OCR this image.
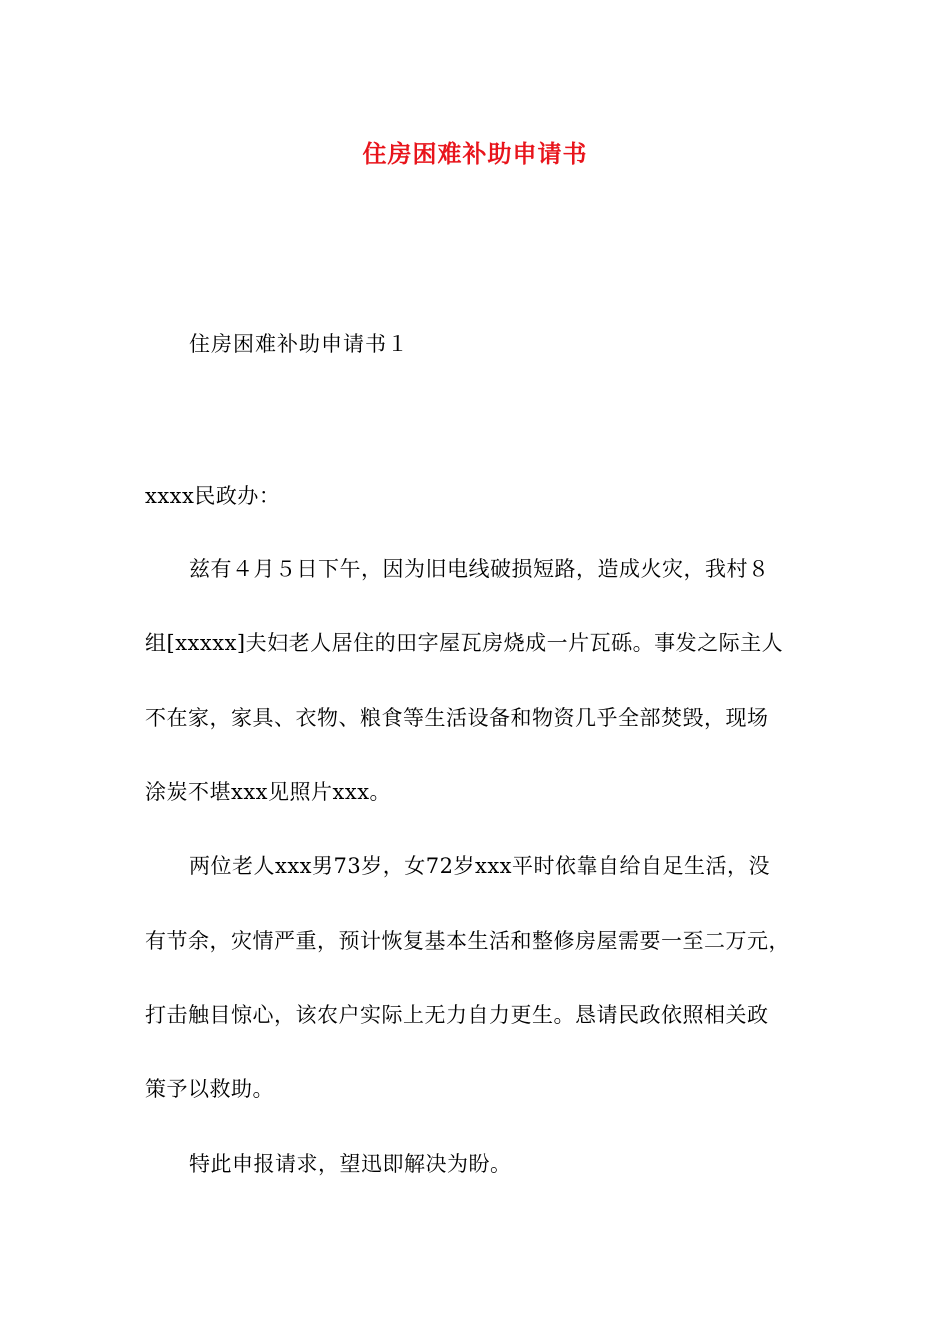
住房困难补助申请书
住房困难补助申请书１
xxxx民政办：
兹有４月５日下午，因为旧电线破损短路，造成火灾，我村８
组[xxxxx]夫妇老人居住的田字屋瓦房烧成一片瓦砾。事发之际主人
不在家，家具、衣物、粮食等生活设备和物资几乎全部焚毁，现场
涂炭不堪xxx见照片xxx。
两位老人xxx男73岁，女72岁xxx平时依靠自给自足生活，没
有节余，灾情严重，预计恢复基本生活和整修房屋需要一至二万元，
打击触目惊心，该农户实际上无力自力更生。恳请民政依照相关政
策予以救助。
特此申报请求，望迅即解决为盼。
